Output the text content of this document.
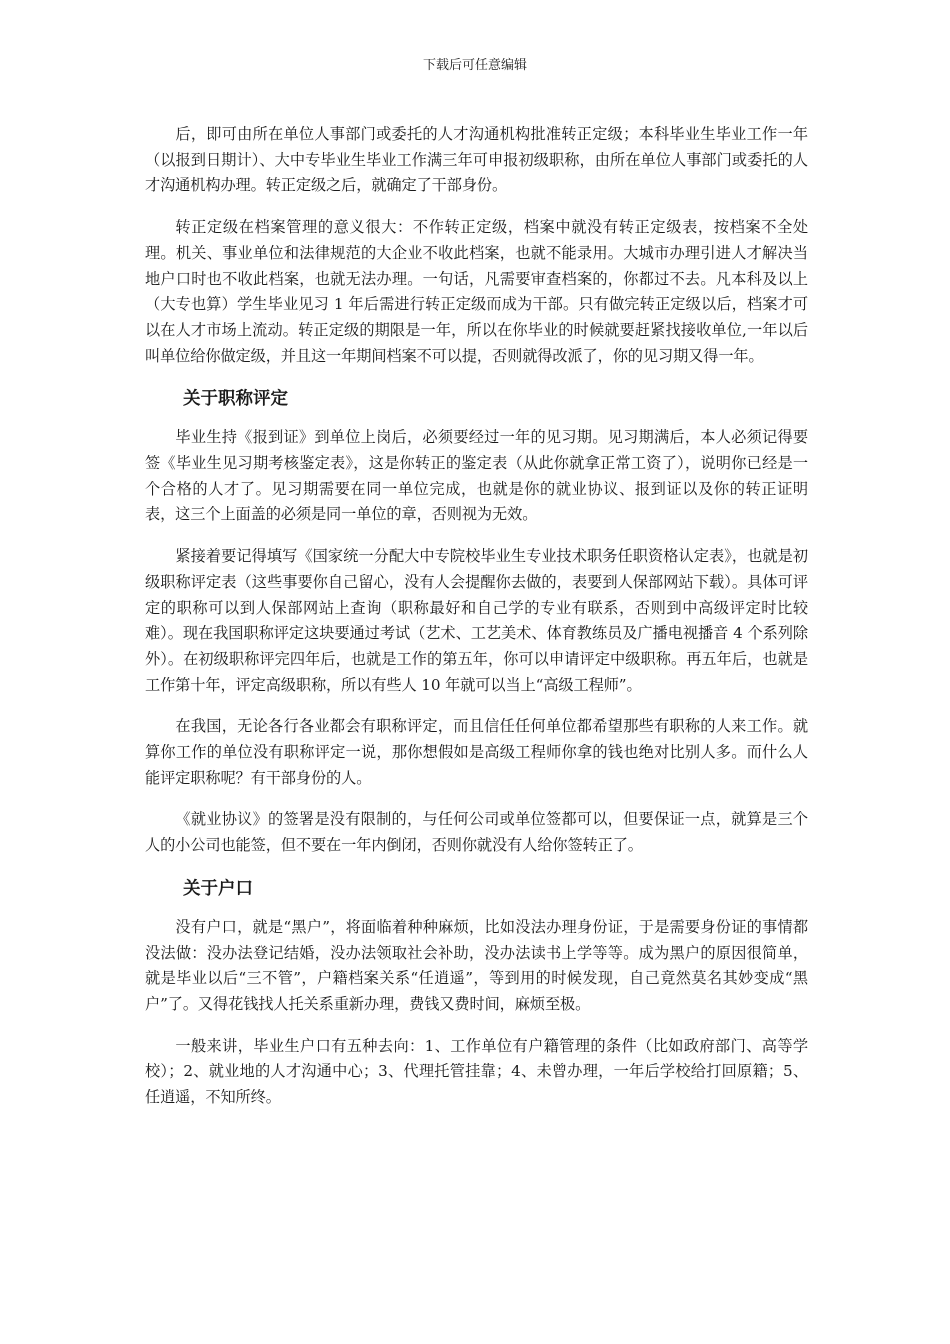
下载后可任意编辑

后，即可由所在单位人事部门或委托的人才沟通机构批准转正定级；本科毕业生毕业工作一年（以报到日期计）、大中专毕业生毕业工作满三年可申报初级职称，由所在单位人事部门或委托的人才沟通机构办理。转正定级之后，就确定了干部身份。

转正定级在档案管理的意义很大：不作转正定级，档案中就没有转正定级表，按档案不全处理。机关、事业单位和法律规范的大企业不收此档案，也就不能录用。大城市办理引进人才解决当地户口时也不收此档案，也就无法办理。一句话，凡需要审查档案的，你都过不去。凡本科及以上（大专也算）学生毕业见习 1 年后需进行转正定级而成为干部。只有做完转正定级以后，档案才可以在人才市场上流动。转正定级的期限是一年，所以在你毕业的时候就要赶紧找接收单位,一年以后叫单位给你做定级，并且这一年期间档案不可以提，否则就得改派了，你的见习期又得一年。

关于职称评定

毕业生持《报到证》到单位上岗后，必须要经过一年的见习期。见习期满后，本人必须记得要签《毕业生见习期考核鉴定表》，这是你转正的鉴定表（从此你就拿正常工资了），说明你已经是一个合格的人才了。见习期需要在同一单位完成，也就是你的就业协议、报到证以及你的转正证明表，这三个上面盖的必须是同一单位的章，否则视为无效。

紧接着要记得填写《国家统一分配大中专院校毕业生专业技术职务任职资格认定表》，也就是初级职称评定表（这些事要你自己留心，没有人会提醒你去做的，表要到人保部网站下载）。具体可评定的职称可以到人保部网站上查询（职称最好和自己学的专业有联系，否则到中高级评定时比较难）。现在我国职称评定这块要通过考试（艺术、工艺美术、体育教练员及广播电视播音 4 个系列除外）。在初级职称评完四年后，也就是工作的第五年，你可以申请评定中级职称。再五年后，也就是工作第十年，评定高级职称，所以有些人 10 年就可以当上“高级工程师”。

在我国，无论各行各业都会有职称评定，而且信任任何单位都希望那些有职称的人来工作。就算你工作的单位没有职称评定一说，那你想假如是高级工程师你拿的钱也绝对比别人多。而什么人能评定职称呢？有干部身份的人。

《就业协议》的签署是没有限制的，与任何公司或单位签都可以，但要保证一点，就算是三个人的小公司也能签，但不要在一年内倒闭，否则你就没有人给你签转正了。

关于户口

没有户口，就是“黑户”，将面临着种种麻烦，比如没法办理身份证，于是需要身份证的事情都没法做：没办法登记结婚，没办法领取社会补助，没办法读书上学等等。成为黑户的原因很简单，就是毕业以后“三不管”，户籍档案关系“任逍遥”，等到用的时候发现，自己竟然莫名其妙变成“黑户”了。又得花钱找人托关系重新办理，费钱又费时间，麻烦至极。

一般来讲，毕业生户口有五种去向：1、工作单位有户籍管理的条件（比如政府部门、高等学校）；2、就业地的人才沟通中心；3、代理托管挂靠；4、未曾办理，一年后学校给打回原籍；5、任逍遥，不知所终。
